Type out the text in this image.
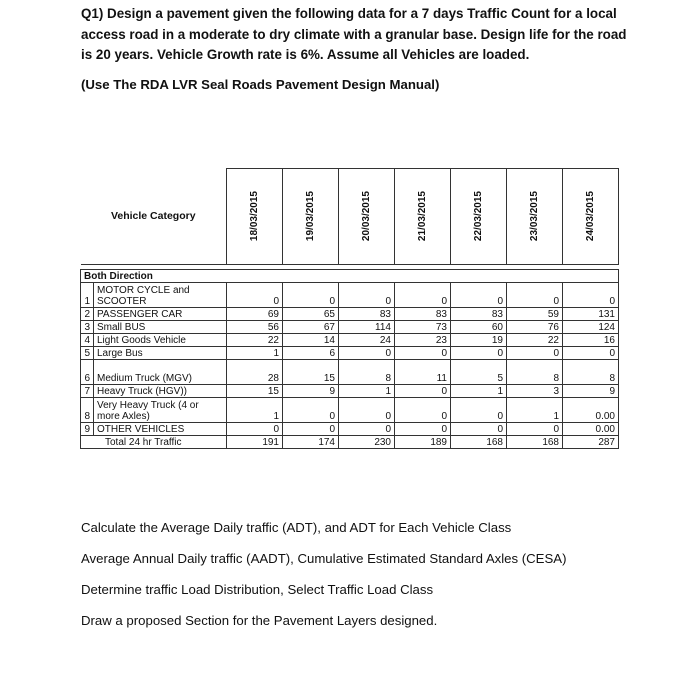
Q1) Design a pavement given the following data for a 7 days Traffic Count for a local access road in a moderate to dry climate with a granular base. Design life for the road is 20 years. Vehicle Growth rate is 6%. Assume all Vehicles are loaded.

(Use The RDA LVR Seal Roads Pavement Design Manual)
Vehicle Category		18/03/2015	19/03/2015	20/03/2015	21/03/2015	22/03/2015	23/03/2015	24/03/2015

Both Direction								
1	MOTOR CYCLE and SCOOTER	0	0	0	0	0	0	0
2	PASSENGER CAR	69	65	83	83	83	59	131
3	Small BUS	56	67	114	73	60	76	124
4	Light Goods Vehicle	22	14	24	23	19	22	16
5	Large Bus	1	6	0	0	0	0	0
6	Medium Truck (MGV)	28	15	8	11	5	8	8
7	Heavy Truck (HGV))	15	9	1	0	1	3	9
8	Very Heavy Truck (4 or more Axles)	1	0	0	0	0	1	0.00
9	OTHER VEHICLES	0	0	0	0	0	0	0.00
Total 24 hr Traffic		191	174	230	189	168	168	287
Calculate the Average Daily traffic (ADT), and ADT for Each Vehicle Class
Average Annual Daily traffic (AADT), Cumulative Estimated Standard Axles (CESA)
Determine traffic Load Distribution, Select Traffic Load Class
Draw a proposed Section for the Pavement Layers designed.
